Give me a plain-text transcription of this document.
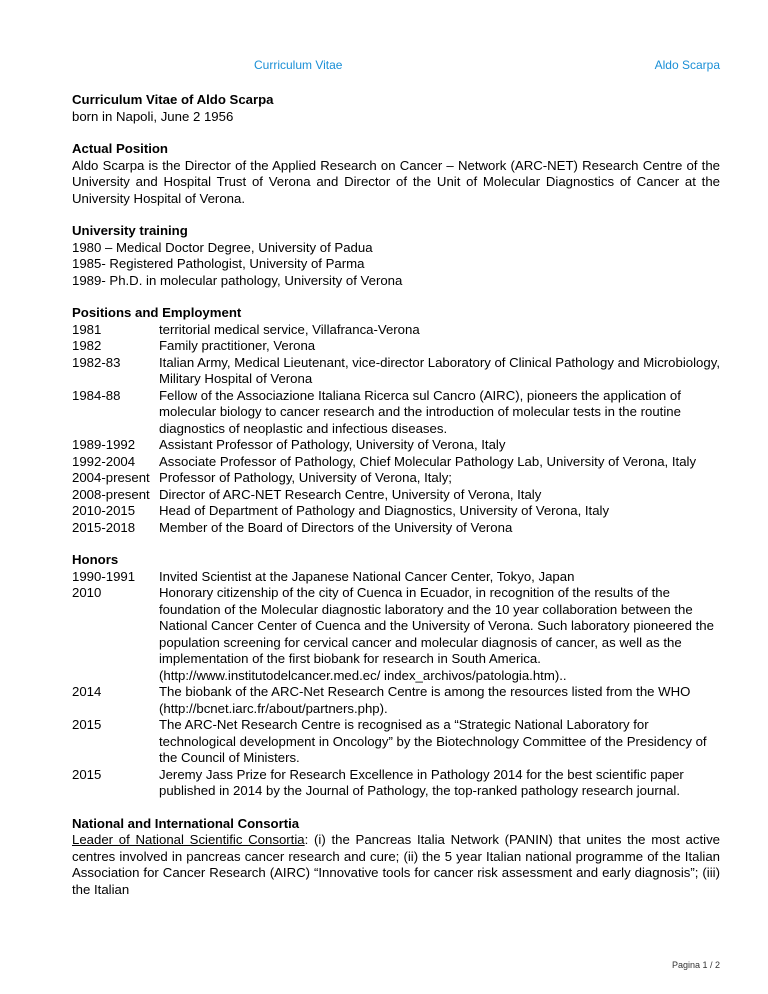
Curriculum Vitae	Aldo Scarpa
Curriculum Vitae of Aldo Scarpa
born in Napoli, June 2 1956
Actual Position
Aldo Scarpa is the Director of the Applied Research on Cancer – Network (ARC-NET) Research Centre of the University and Hospital Trust of Verona and Director of the Unit of Molecular Diagnostics of Cancer at the University Hospital of Verona.
University training
1980 – Medical Doctor Degree, University of Padua
1985- Registered Pathologist, University of Parma
1989- Ph.D. in molecular pathology, University of Verona
Positions and Employment
1981	territorial medical service, Villafranca-Verona
1982	Family practitioner, Verona
1982-83	Italian Army, Medical Lieutenant, vice-director Laboratory of Clinical Pathology and Microbiology, Military Hospital of Verona
1984-88	Fellow of the Associazione Italiana Ricerca sul Cancro (AIRC), pioneers the application of molecular biology to cancer research and the introduction of molecular tests in the routine diagnostics of neoplastic and infectious diseases.
1989-1992	Assistant Professor of Pathology, University of Verona, Italy
1992-2004	Associate Professor of Pathology, Chief Molecular Pathology Lab, University of Verona, Italy
2004-present Professor of Pathology, University of Verona, Italy;
2008-present Director of ARC-NET Research Centre, University of Verona, Italy
2010-2015	Head of Department of Pathology and Diagnostics, University of Verona, Italy
2015-2018	Member of the Board of Directors of the University of Verona
Honors
1990-1991	Invited Scientist at the Japanese National Cancer Center, Tokyo, Japan
2010	Honorary citizenship of the city of Cuenca in Ecuador, in recognition of the results of the foundation of the Molecular diagnostic laboratory and the 10 year collaboration between the National Cancer Center of Cuenca and the University of Verona. Such laboratory pioneered the population screening for cervical cancer and molecular diagnosis of cancer, as well as the implementation of the first biobank for research in South America. (http://www.institutodelcancer.med.ec/ index_archivos/patologia.htm)..
2014	The biobank of the ARC-Net Research Centre is among the resources listed from the WHO (http://bcnet.iarc.fr/about/partners.php).
2015	The ARC-Net Research Centre is recognised as a “Strategic National Laboratory for technological development in Oncology” by the Biotechnology Committee of the Presidency of the Council of Ministers.
2015	Jeremy Jass Prize for Research Excellence in Pathology 2014 for the best scientific paper published in 2014 by the Journal of Pathology, the top-ranked pathology research journal.
National and International Consortia
Leader of National Scientific Consortia: (i) the Pancreas Italia Network (PANIN) that unites the most active centres involved in pancreas cancer research and cure; (ii) the 5 year Italian national programme of the Italian Association for Cancer Research (AIRC) “Innovative tools for cancer risk assessment and early diagnosis”; (iii) the Italian
Pagina 1 / 2
